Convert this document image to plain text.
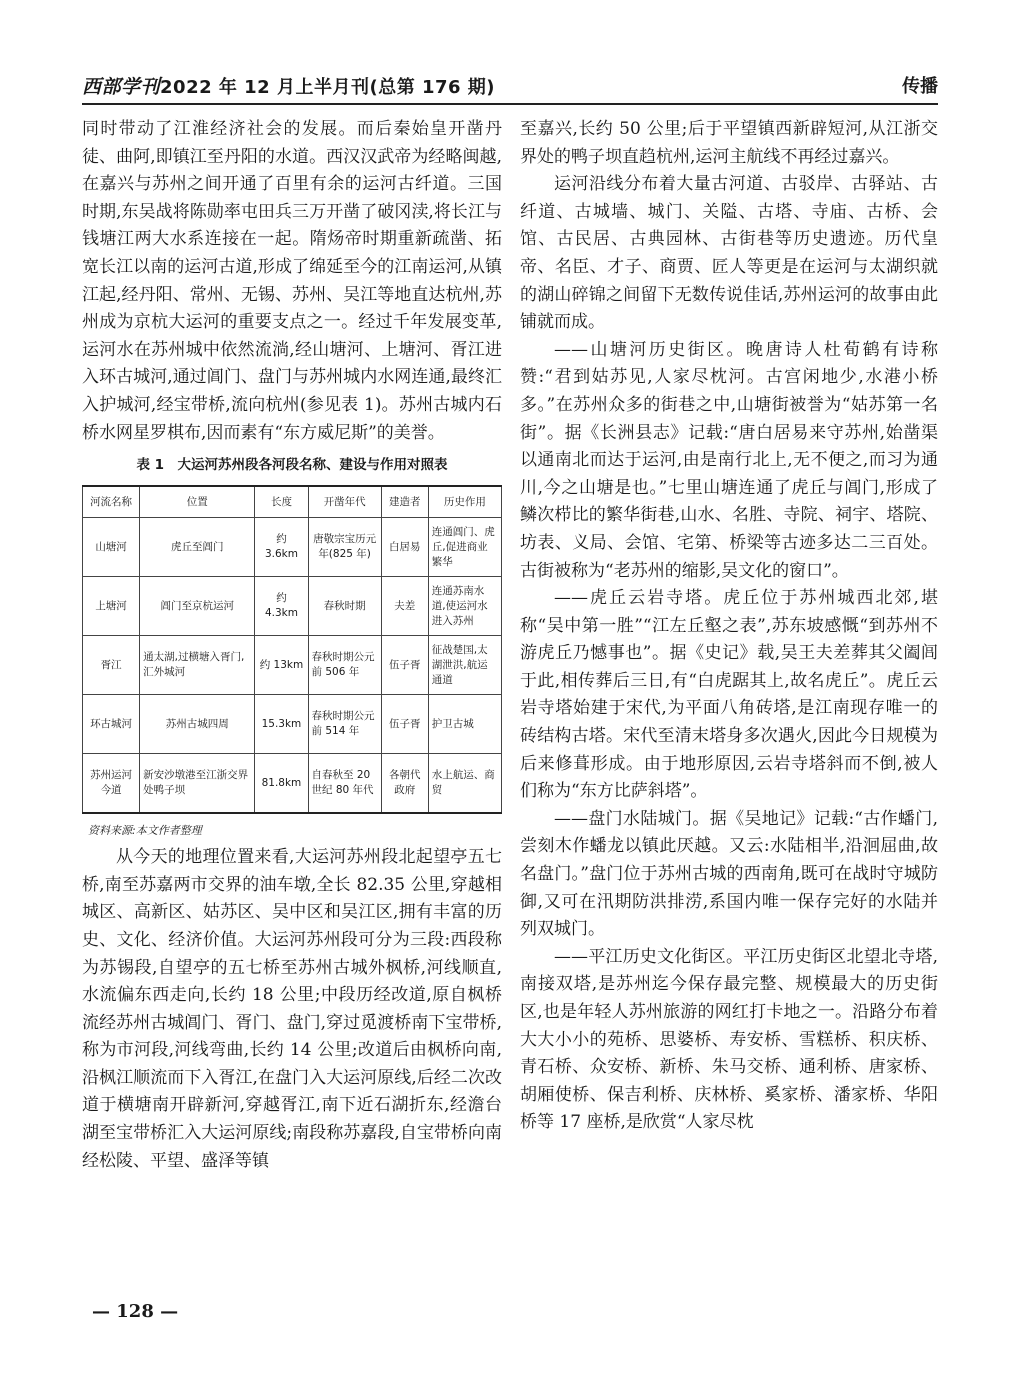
西部学刊2022 年 12 月上半月刊(总第 176 期)	传播

同时带动了江淮经济社会的发展。而后秦始皇开凿丹徒、曲阿,即镇江至丹阳的水道。西汉汉武帝为经略闽越,在嘉兴与苏州之间开通了百里有余的运河古纤道。三国时期,东吴战将陈勋率屯田兵三万开凿了破冈渎,将长江与钱塘江两大水系连接在一起。隋炀帝时期重新疏凿、拓宽长江以南的运河古道,形成了绵延至今的江南运河,从镇江起,经丹阳、常州、无锡、苏州、吴江等地直达杭州,苏州成为京杭大运河的重要支点之一。经过千年发展变革,运河水在苏州城中依然流淌,经山塘河、上塘河、胥江进入环古城河,通过阊门、盘门与苏州城内水网连通,最终汇入护城河,经宝带桥,流向杭州(参见表 1)。苏州古城内石桥水网星罗棋布,因而素有“东方威尼斯”的美誉。

表 1　大运河苏州段各河段名称、建设与作用对照表
河流名称	位置	长度	开凿年代	建造者	历史作用
山塘河	虎丘至阊门	约 3.6km	唐敬宗宝历元年(825 年)	白居易	连通阊门、虎丘,促进商业繁华
上塘河	阊门至京杭运河	约 4.3km	春秋时期	夫差	连通苏南水道,使运河水进入苏州
胥江	通太湖,过横塘入胥门,汇外城河	约 13km	春秋时期公元前 506 年	伍子胥	征战楚国,太湖泄洪,航运通道
环古城河	苏州古城四周	15.3km	春秋时期公元前 514 年	伍子胥	护卫古城
苏州运河今道	新安沙墩港至江浙交界处鸭子坝	81.8km	自春秋至 20 世纪 80 年代	各朝代政府	水上航运、商贸
资料来源:本文作者整理

从今天的地理位置来看,大运河苏州段北起望亭五七桥,南至苏嘉两市交界的油车墩,全长 82.35 公里,穿越相城区、高新区、姑苏区、吴中区和吴江区,拥有丰富的历史、文化、经济价值。大运河苏州段可分为三段:西段称为苏锡段,自望亭的五七桥至苏州古城外枫桥,河线顺直,水流偏东西走向,长约 18 公里;中段历经改道,原自枫桥流经苏州古城阊门、胥门、盘门,穿过觅渡桥南下宝带桥,称为市河段,河线弯曲,长约 14 公里;改道后由枫桥向南,沿枫江顺流而下入胥江,在盘门入大运河原线,后经二次改道于横塘南开辟新河,穿越胥江,南下近石湖折东,经澹台湖至宝带桥汇入大运河原线;南段称苏嘉段,自宝带桥向南经松陵、平望、盛泽等镇

至嘉兴,长约 50 公里;后于平望镇西新辟短河,从江浙交界处的鸭子坝直趋杭州,运河主航线不再经过嘉兴。

运河沿线分布着大量古河道、古驳岸、古驿站、古纤道、古城墙、城门、关隘、古塔、寺庙、古桥、会馆、古民居、古典园林、古街巷等历史遗迹。历代皇帝、名臣、才子、商贾、匠人等更是在运河与太湖织就的湖山碎锦之间留下无数传说佳话,苏州运河的故事由此铺就而成。

——山塘河历史街区。晚唐诗人杜荀鹤有诗称赞:“君到姑苏见,人家尽枕河。古宫闲地少,水港小桥多。”在苏州众多的街巷之中,山塘街被誉为“姑苏第一名街”。据《长洲县志》记载:“唐白居易来守苏州,始凿渠以通南北而达于运河,由是南行北上,无不便之,而习为通川,今之山塘是也。”七里山塘连通了虎丘与阊门,形成了鳞次栉比的繁华街巷,山水、名胜、寺院、祠宇、塔院、坊表、义局、会馆、宅第、桥梁等古迹多达二三百处。古街被称为“老苏州的缩影,吴文化的窗口”。

——虎丘云岩寺塔。虎丘位于苏州城西北郊,堪称“吴中第一胜”“江左丘壑之表”,苏东坡感慨“到苏州不游虎丘乃憾事也”。据《史记》载,吴王夫差葬其父阖闾于此,相传葬后三日,有“白虎踞其上,故名虎丘”。虎丘云岩寺塔始建于宋代,为平面八角砖塔,是江南现存唯一的砖结构古塔。宋代至清末塔身多次遇火,因此今日规模为后来修葺形成。由于地形原因,云岩寺塔斜而不倒,被人们称为“东方比萨斜塔”。

——盘门水陆城门。据《吴地记》记载:“古作蟠门,尝刻木作蟠龙以镇此厌越。又云:水陆相半,沿洄屈曲,故名盘门。”盘门位于苏州古城的西南角,既可在战时守城防御,又可在汛期防洪排涝,系国内唯一保存完好的水陆并列双城门。

——平江历史文化街区。平江历史街区北望北寺塔,南接双塔,是苏州迄今保存最完整、规模最大的历史街区,也是年轻人苏州旅游的网红打卡地之一。沿路分布着大大小小的苑桥、思婆桥、寿安桥、雪糕桥、积庆桥、青石桥、众安桥、新桥、朱马交桥、通利桥、唐家桥、胡厢使桥、保吉利桥、庆林桥、奚家桥、潘家桥、华阳桥等 17 座桥,是欣赏“人家尽枕

— 128 —
